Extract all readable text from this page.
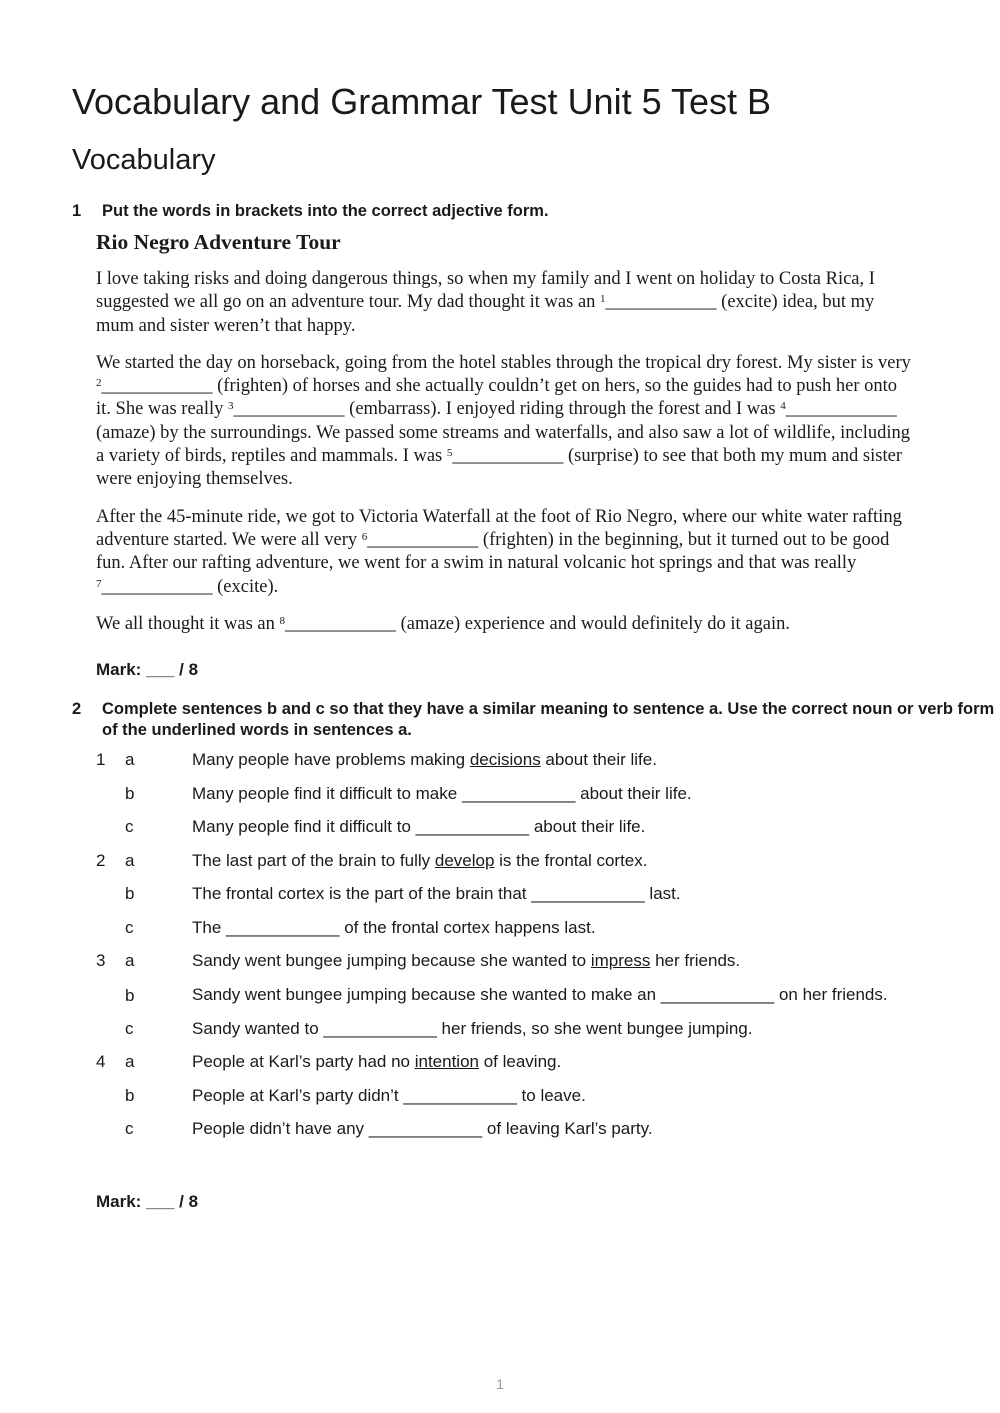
Vocabulary and Grammar Test Unit 5 Test B
Vocabulary
1 Put the words in brackets into the correct adjective form.
Rio Negro Adventure Tour

I love taking risks and doing dangerous things, so when my family and I went on holiday to Costa Rica, I suggested we all go on an adventure tour. My dad thought it was an $^1$____________ (excite) idea, but my mum and sister weren’t that happy.

We started the day on horseback, going from the hotel stables through the tropical dry forest. My sister is very $^2$____________ (frighten) of horses and she actually couldn’t get on hers, so the guides had to push her onto it. She was really $^3$____________ (embarrass). I enjoyed riding through the forest and I was $^4$____________ (amaze) by the surroundings. We passed some streams and waterfalls, and also saw a lot of wildlife, including a variety of birds, reptiles and mammals. I was $^5$____________ (surprise) to see that both my mum and sister were enjoying themselves.

After the 45-minute ride, we got to Victoria Waterfall at the foot of Rio Negro, where our white water rafting adventure started. We were all very $^6$____________ (frighten) in the beginning, but it turned out to be good fun. After our rafting adventure, we went for a swim in natural volcanic hot springs and that was really $^7$____________ (excite).

We all thought it was an $^8$____________ (amaze) experience and would definitely do it again.

Mark: ___ / 8
2 Complete sentences b and c so that they have a similar meaning to sentence a. Use the correct noun or verb form of the underlined words in sentences a.
1	a	Many people have problems making decisions about their life.
b	Many people find it difficult to make ____________ about their life.
c	Many people find it difficult to ____________ about their life.
2	a	The last part of the brain to fully develop is the frontal cortex.
b	The frontal cortex is the part of the brain that ____________ last.
c	The ____________ of the frontal cortex happens last.
3	a	Sandy went bungee jumping because she wanted to impress her friends.
b	Sandy went bungee jumping because she wanted to make an ____________ on her friends.
c	Sandy wanted to ____________ her friends, so she went bungee jumping.
4	a	People at Karl’s party had no intention of leaving.
b	People at Karl’s party didn’t ____________ to leave.
c	People didn’t have any ____________ of leaving Karl’s party.
Mark: ___ / 8
1
